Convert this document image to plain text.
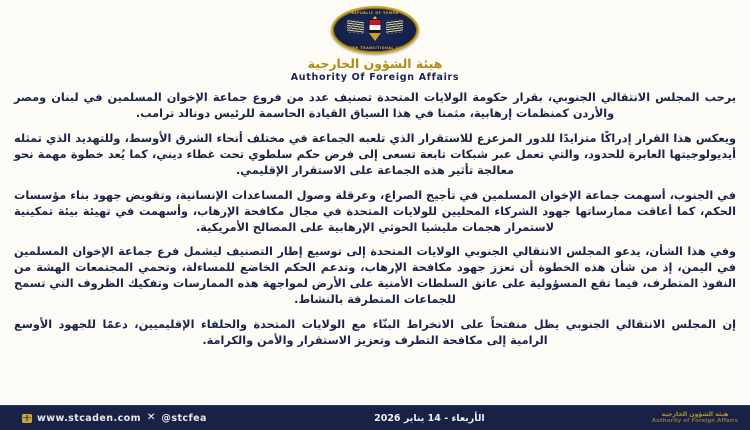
REPUBLIC OF YEMEN
SOUTHERN TRANSITIONAL COUNCIL
هيئة الشؤون الخارجية
Authority Of Foreign Affairs

يرحب المجلس الانتقالي الجنوبي، بقرار حكومة الولايات المتحدة تصنيف عدد من فروع جماعة الإخوان المسلمين في لبنان ومصر والأردن كمنظمات إرهابية، مثمنا في هذا السياق القيادة الحاسمة للرئيس دونالد ترامب.

ويعكس هذا القرار إدراكًا متزايدًا للدور المزعزع للاستقرار الذي تلعبه الجماعة في مختلف أنحاء الشرق الأوسط، وللتهديد الذي تمثله أيديولوجيتها العابرة للحدود، والتي تعمل عبر شبكات تابعة تسعى إلى فرض حكم سلطوي تحت غطاء ديني، كما يُعد خطوة مهمة نحو معالجة تأثير هذه الجماعة على الاستقرار الإقليمي.

في الجنوب، أسهمت جماعة الإخوان المسلمين في تأجيج الصراع، وعرقلة وصول المساعدات الإنسانية، وتقويض جهود بناء مؤسسات الحكم، كما أعاقت ممارساتها جهود الشركاء المحليين للولايات المتحدة في مجال مكافحة الإرهاب، وأسهمت في تهيئة بيئة تمكينية لاستمرار هجمات مليشيا الحوثي الإرهابية على المصالح الأمريكية.

وفي هذا الشأن، يدعو المجلس الانتقالي الجنوبي الولايات المتحدة إلى توسيع إطار التصنيف ليشمل فرع جماعة الإخوان المسلمين في اليمن، إذ من شأن هذه الخطوة أن تعزز جهود مكافحة الإرهاب، وتدعم الحكم الخاضع للمساءلة، وتحمي المجتمعات الهشة من النفوذ المتطرف، فيما تقع المسؤولية على عاتق السلطات الأمنية على الأرض لمواجهة هذه الممارسات وتفكيك الظروف التي تسمح للجماعات المتطرفة بالنشاط.

إن المجلس الانتقالي الجنوبي يظل منفتحاً على الانخراط البنّاء مع الولايات المتحدة والحلفاء الإقليميين، دعمًا للجهود الأوسع الرامية إلى مكافحة التطرف وتعزيز الاستقرار والأمن والكرامة.

www.stcaden.com ✕ @stcfea	الأربعاء - 14 يناير 2026	هيئة الشؤون الخارجية
Authority of Foreign Affairs
